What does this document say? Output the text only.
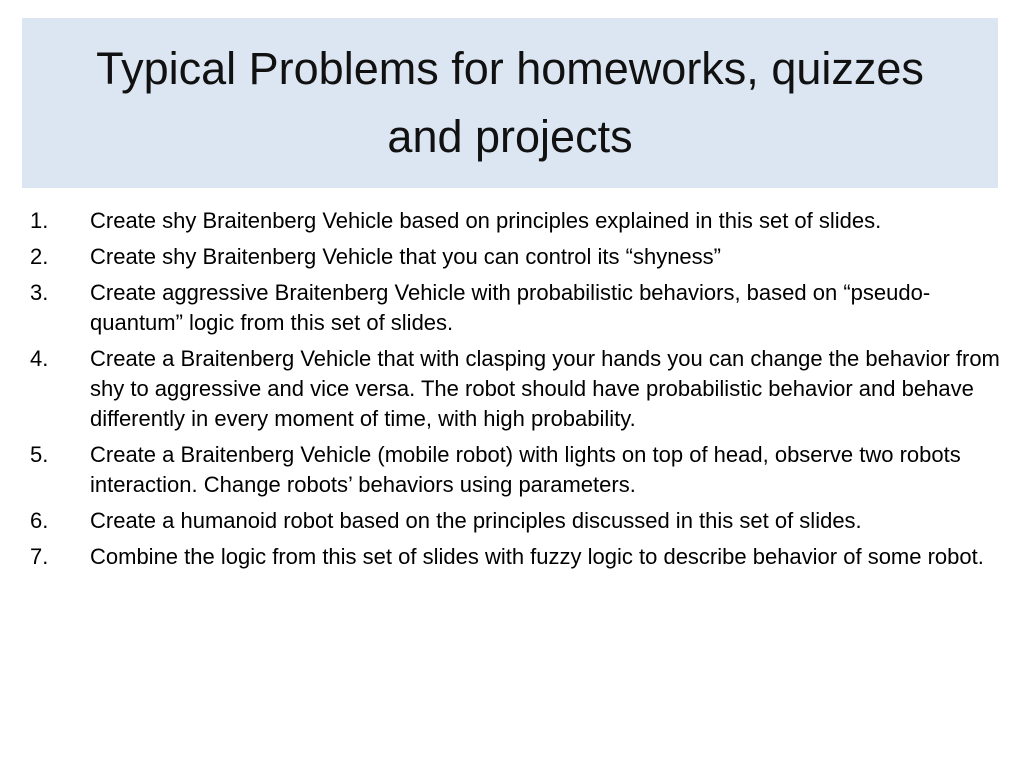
Typical Problems for homeworks, quizzes and projects
1.	Create shy Braitenberg Vehicle based on principles explained in this set of slides.
2.	Create shy Braitenberg Vehicle that you can control its “shyness”
3.	Create aggressive Braitenberg Vehicle with probabilistic behaviors, based on “pseudo-quantum” logic from this set of slides.
4.	Create a Braitenberg Vehicle that with clasping your hands you can change the behavior from shy to aggressive and vice versa. The robot should have probabilistic behavior and behave differently in every moment of time, with high probability.
5.	Create a Braitenberg Vehicle (mobile robot) with lights on top of head, observe two robots interaction. Change robots’ behaviors using parameters.
6.	Create a humanoid robot based on the principles discussed in this set of slides.
7.	Combine the logic from this set of slides with fuzzy logic to describe behavior of some robot.
